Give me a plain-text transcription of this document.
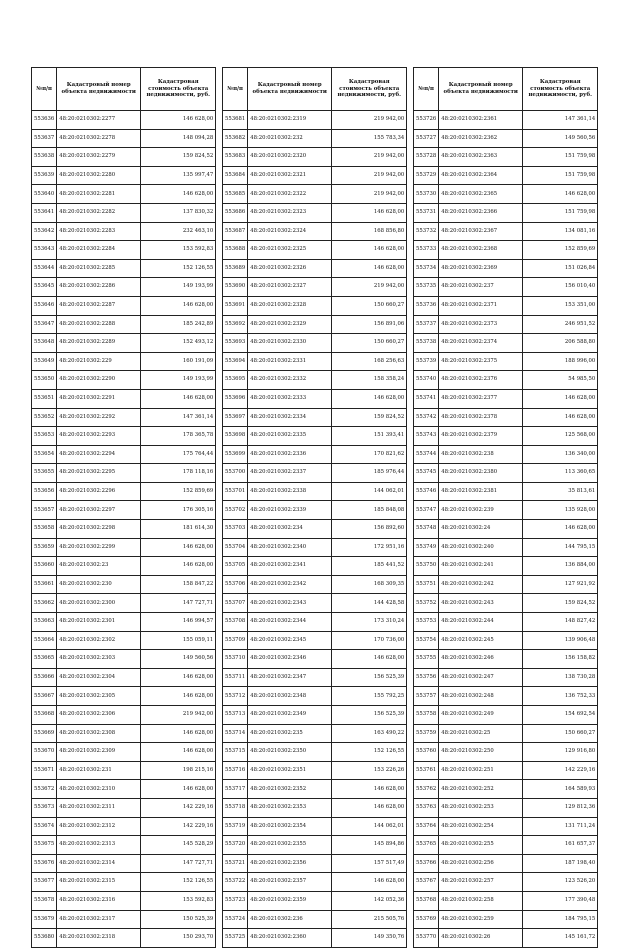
№п/п	Кадастровый номер объекта недвижимости	Кадастровая стоимость объекта недвижимости, руб.
553636	48:20:0210302:2277	146 628,00
553637	48:20:0210302:2278	148 094,28
553638	48:20:0210302:2279	159 824,52
553639	48:20:0210302:2280	135 997,47
553640	48:20:0210302:2281	146 628,00
553641	48:20:0210302:2282	137 830,32
553642	48:20:0210302:2283	232 463,10
553643	48:20:0210302:2284	153 592,83
553644	48:20:0210302:2285	152 126,55
553645	48:20:0210302:2286	149 193,99
553646	48:20:0210302:2287	146 628,00
553647	48:20:0210302:2288	185 242,89
553648	48:20:0210302:2289	152 493,12
553649	48:20:0210302:229	160 191,09
553650	48:20:0210302:2290	149 193,99
553651	48:20:0210302:2291	146 628,00
553652	48:20:0210302:2292	147 361,14
553653	48:20:0210302:2293	178 365,78
553654	48:20:0210302:2294	175 764,44
553655	48:20:0210302:2295	178 118,16
553656	48:20:0210302:2296	152 859,69
553657	48:20:0210302:2297	176 305,16
553658	48:20:0210302:2298	181 614,30
553659	48:20:0210302:2299	146 628,00
553660	48:20:0210302:23	146 628,00
553661	48:20:0210302:230	158 847,22
553662	48:20:0210302:2300	147 727,71
553663	48:20:0210302:2301	146 994,57
553664	48:20:0210302:2302	155 059,11
553665	48:20:0210302:2303	149 560,56
553666	48:20:0210302:2304	146 628,00
553667	48:20:0210302:2305	146 628,00
553668	48:20:0210302:2306	219 942,00
553669	48:20:0210302:2308	146 628,00
553670	48:20:0210302:2309	146 628,00
553671	48:20:0210302:231	198 215,16
553672	48:20:0210302:2310	146 628,00
553673	48:20:0210302:2311	142 229,16
553674	48:20:0210302:2312	142 229,16
553675	48:20:0210302:2313	145 528,29
553676	48:20:0210302:2314	147 727,71
553677	48:20:0210302:2315	152 126,55
553678	48:20:0210302:2316	153 592,83
553679	48:20:0210302:2317	150 525,39
553680	48:20:0210302:2318	150 293,70
№п/п	Кадастровый номер объекта недвижимости	Кадастровая стоимость объекта недвижимости, руб.
553681	48:20:0210302:2319	219 942,00
553682	48:20:0210302:232	155 783,34
553683	48:20:0210302:2320	219 942,00
553684	48:20:0210302:2321	219 942,00
553685	48:20:0210302:2322	219 942,00
553686	48:20:0210302:2323	146 628,00
553687	48:20:0210302:2324	168 856,80
553688	48:20:0210302:2325	146 628,00
553689	48:20:0210302:2326	146 628,00
553690	48:20:0210302:2327	219 942,00
553691	48:20:0210302:2328	150 660,27
553692	48:20:0210302:2329	156 891,06
553693	48:20:0210302:2330	150 660,27
553694	48:20:0210302:2331	168 256,63
553695	48:20:0210302:2332	158 358,24
553696	48:20:0210302:2333	146 628,00
553697	48:20:0210302:2334	159 824,52
553698	48:20:0210302:2335	151 393,41
553699	48:20:0210302:2336	170 821,62
553700	48:20:0210302:2337	185 976,44
553701	48:20:0210302:2338	144 062,01
553702	48:20:0210302:2339	185 848,08
553703	48:20:0210302:234	156 892,60
553704	48:20:0210302:2340	172 951,16
553705	48:20:0210302:2341	185 441,52
553706	48:20:0210302:2342	168 309,35
553707	48:20:0210302:2343	144 428,58
553708	48:20:0210302:2344	173 310,24
553709	48:20:0210302:2345	170 736,00
553710	48:20:0210302:2346	146 628,00
553711	48:20:0210302:2347	156 525,39
553712	48:20:0210302:2348	155 792,25
553713	48:20:0210302:2349	156 525,39
553714	48:20:0210302:235	163 490,22
553715	48:20:0210302:2350	152 126,55
553716	48:20:0210302:2351	153 226,26
553717	48:20:0210302:2352	146 628,00
553718	48:20:0210302:2353	146 628,00
553719	48:20:0210302:2354	144 062,01
553720	48:20:0210302:2355	145 894,86
553721	48:20:0210302:2356	157 517,49
553722	48:20:0210302:2357	146 628,00
553723	48:20:0210302:2359	142 052,36
553724	48:20:0210302:236	215 505,76
553725	48:20:0210302:2360	149 350,76
№п/п	Кадастровый номер объекта недвижимости	Кадастровая стоимость объекта недвижимости, руб.
553726	48:20:0210302:2361	147 361,14
553727	48:20:0210302:2362	149 560,56
553728	48:20:0210302:2363	151 759,98
553729	48:20:0210302:2364	151 759,98
553730	48:20:0210302:2365	146 628,00
553731	48:20:0210302:2366	151 759,98
553732	48:20:0210302:2367	134 081,16
553733	48:20:0210302:2368	152 859,69
553734	48:20:0210302:2369	151 026,84
553735	48:20:0210302:237	156 010,40
553736	48:20:0210302:2371	153 351,00
553737	48:20:0210302:2373	246 951,52
553738	48:20:0210302:2374	206 588,80
553739	48:20:0210302:2375	188 996,00
553740	48:20:0210302:2376	54 985,50
553741	48:20:0210302:2377	146 628,00
553742	48:20:0210302:2378	146 628,00
553743	48:20:0210302:2379	125 568,00
553744	48:20:0210302:238	136 340,00
553745	48:20:0210302:2380	113 360,65
553746	48:20:0210302:2381	35 813,61
553747	48:20:0210302:239	135 928,00
553748	48:20:0210302:24	146 628,00
553749	48:20:0210302:240	144 795,15
553750	48:20:0210302:241	136 884,00
553751	48:20:0210302:242	127 921,92
553752	48:20:0210302:243	159 824,52
553753	48:20:0210302:244	148 827,42
553754	48:20:0210302:245	139 906,48
553755	48:20:0210302:246	156 158,82
553756	48:20:0210302:247	138 730,28
553757	48:20:0210302:248	136 752,33
553758	48:20:0210302:249	154 692,54
553759	48:20:0210302:25	150 660,27
553760	48:20:0210302:250	129 916,80
553761	48:20:0210302:251	142 229,16
553762	48:20:0210302:252	164 589,93
553763	48:20:0210302:253	129 812,36
553764	48:20:0210302:254	131 711,24
553765	48:20:0210302:255	161 657,37
553766	48:20:0210302:256	187 198,40
553767	48:20:0210302:257	123 526,20
553768	48:20:0210302:258	177 390,48
553769	48:20:0210302:259	184 795,15
553770	48:20:0210302:26	145 161,72
